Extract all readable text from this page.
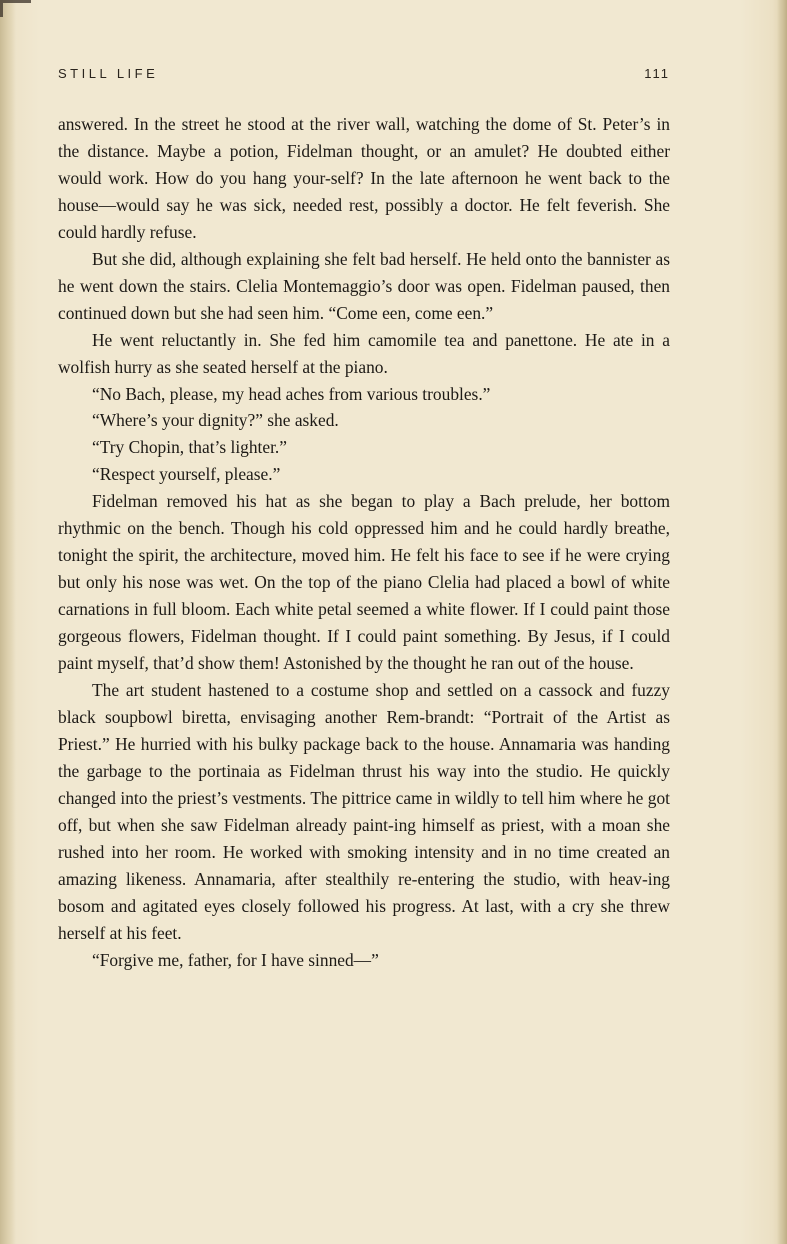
STILL LIFE	111

answered. In the street he stood at the river wall, watching the dome of St. Peter’s in the distance. Maybe a potion, Fidelman thought, or an amulet? He doubted either would work. How do you hang your-self? In the late afternoon he went back to the house—would say he was sick, needed rest, possibly a doctor. He felt feverish. She could hardly refuse.

But she did, although explaining she felt bad herself. He held onto the bannister as he went down the stairs. Clelia Montemaggio’s door was open. Fidelman paused, then continued down but she had seen him. “Come een, come een.”

He went reluctantly in. She fed him camomile tea and panettone. He ate in a wolfish hurry as she seated herself at the piano.

“No Bach, please, my head aches from various troubles.”

“Where’s your dignity?” she asked.

“Try Chopin, that’s lighter.”

“Respect yourself, please.”

Fidelman removed his hat as she began to play a Bach prelude, her bottom rhythmic on the bench. Though his cold oppressed him and he could hardly breathe, tonight the spirit, the architecture, moved him. He felt his face to see if he were crying but only his nose was wet. On the top of the piano Clelia had placed a bowl of white carnations in full bloom. Each white petal seemed a white flower. If I could paint those gorgeous flowers, Fidelman thought. If I could paint something. By Jesus, if I could paint myself, that’d show them! Astonished by the thought he ran out of the house.

The art student hastened to a costume shop and settled on a cassock and fuzzy black soupbowl biretta, envisaging another Rem-brandt: “Portrait of the Artist as Priest.” He hurried with his bulky package back to the house. Annamaria was handing the garbage to the portinaia as Fidelman thrust his way into the studio. He quickly changed into the priest’s vestments. The pittrice came in wildly to tell him where he got off, but when she saw Fidelman already paint-ing himself as priest, with a moan she rushed into her room. He worked with smoking intensity and in no time created an amazing likeness. Annamaria, after stealthily re-entering the studio, with heav-ing bosom and agitated eyes closely followed his progress. At last, with a cry she threw herself at his feet.

“Forgive me, father, for I have sinned—”
